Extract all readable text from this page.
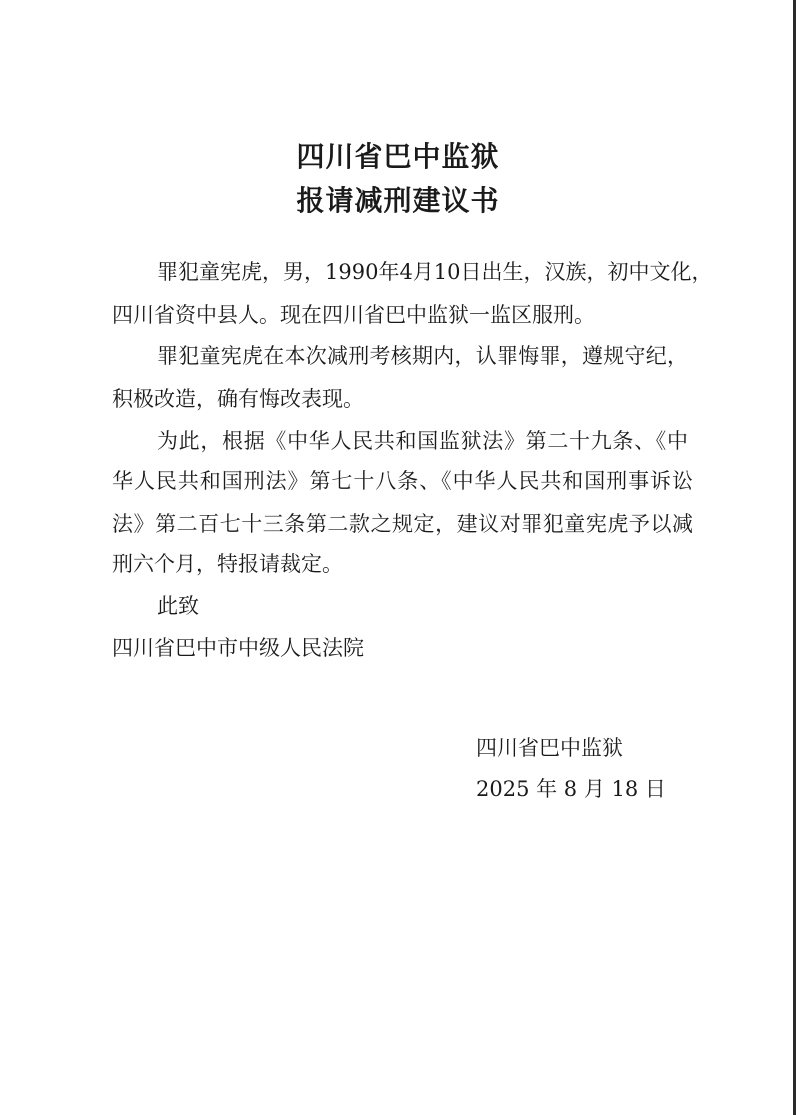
四川省巴中监狱
报请减刑建议书

罪犯童宪虎，男，1990年4月10日出生，汉族，初中文化，

四川省资中县人。现在四川省巴中监狱一监区服刑。

罪犯童宪虎在本次减刑考核期内，认罪悔罪，遵规守纪，

积极改造，确有悔改表现。

为此，根据《中华人民共和国监狱法》第二十九条、《中

华人民共和国刑法》第七十八条、《中华人民共和国刑事诉讼

法》第二百七十三条第二款之规定，建议对罪犯童宪虎予以减

刑六个月，特报请裁定。

此致

四川省巴中市中级人民法院

四川省巴中监狱

2025 年 8 月 18 日
